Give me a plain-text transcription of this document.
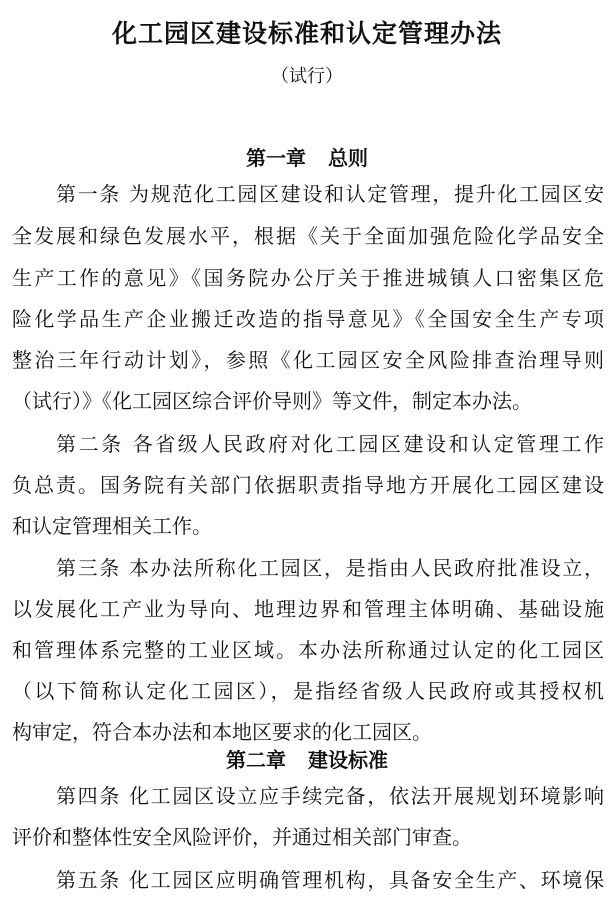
化工园区建设标准和认定管理办法

（试行）

第一章 总则
第一条 为规范化工园区建设和认定管理，提升化工园区安
全发展和绿色发展水平，根据《关于全面加强危险化学品安全
生产工作的意见》《国务院办公厅关于推进城镇人口密集区危
险化学品生产企业搬迁改造的指导意见》《全国安全生产专项
整治三年行动计划》，参照《化工园区安全风险排查治理导则
（试行）》《化工园区综合评价导则》等文件，制定本办法。
第二条 各省级人民政府对化工园区建设和认定管理工作
负总责。国务院有关部门依据职责指导地方开展化工园区建设
和认定管理相关工作。
第三条 本办法所称化工园区，是指由人民政府批准设立，
以发展化工产业为导向、地理边界和管理主体明确、基础设施
和管理体系完整的工业区域。本办法所称通过认定的化工园区
（以下简称认定化工园区），是指经省级人民政府或其授权机
构审定，符合本办法和本地区要求的化工园区。
第二章 建设标准
第四条 化工园区设立应手续完备，依法开展规划环境影响
评价和整体性安全风险评价，并通过相关部门审查。
第五条 化工园区应明确管理机构，具备安全生产、环境保
